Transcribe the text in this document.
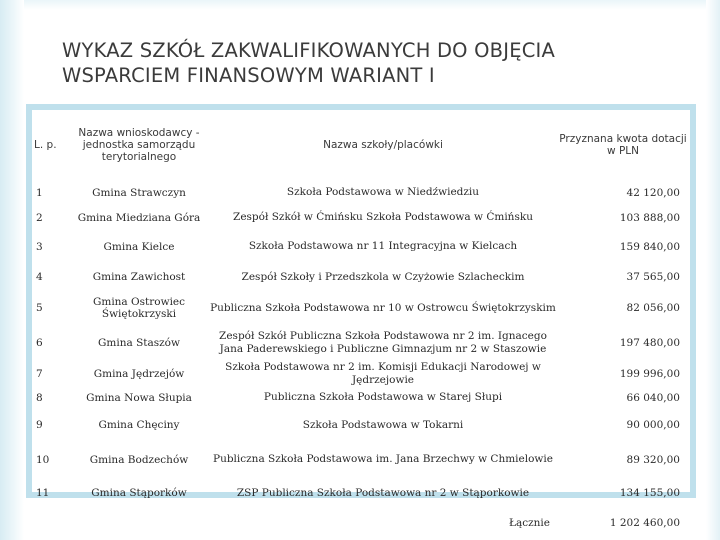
WYKAZ SZKÓŁ ZAKWALIFIKOWANYCH DO OBJĘCIA
WSPARCIEM FINANSOWYM WARIANT I
L. p.	Nazwa wnioskodawcy - jednostka samorządu terytorialnego	Nazwa szkoły/placówki	Przyznana kwota dotacji w PLN
1	Gmina Strawczyn	Szkoła Podstawowa w Niedźwiedziu	42 120,00
2	Gmina Miedziana Góra	Zespół Szkół w Ćmińsku Szkoła Podstawowa w Ćmińsku	103 888,00
3	Gmina Kielce	Szkoła Podstawowa nr 11 Integracyjna w Kielcach	159 840,00
4	Gmina Zawichost	Zespół Szkoły i Przedszkola w Czyżowie Szlacheckim	37 565,00
5	Gmina Ostrowiec Świętokrzyski	Publiczna Szkoła Podstawowa nr 10 w Ostrowcu Świętokrzyskim	82 056,00
6	Gmina Staszów	Zespół Szkół Publiczna Szkoła Podstawowa nr 2 im. Ignacego Jana Paderewskiego i Publiczne Gimnazjum nr 2 w Staszowie	197 480,00
7	Gmina Jędrzejów	Szkoła Podstawowa nr 2 im. Komisji Edukacji Narodowej w Jędrzejowie	199 996,00
8	Gmina Nowa Słupia	Publiczna Szkoła Podstawowa w Starej Słupi	66 040,00
9	Gmina Chęciny	Szkoła Podstawowa w Tokarni	90 000,00
10	Gmina Bodzechów	Publiczna Szkoła Podstawowa im. Jana Brzechwy w Chmielowie	89 320,00
11	Gmina Stąporków	ZSP Publiczna Szkoła Podstawowa nr 2 w Stąporkowie	134 155,00
		Łącznie	1 202 460,00
